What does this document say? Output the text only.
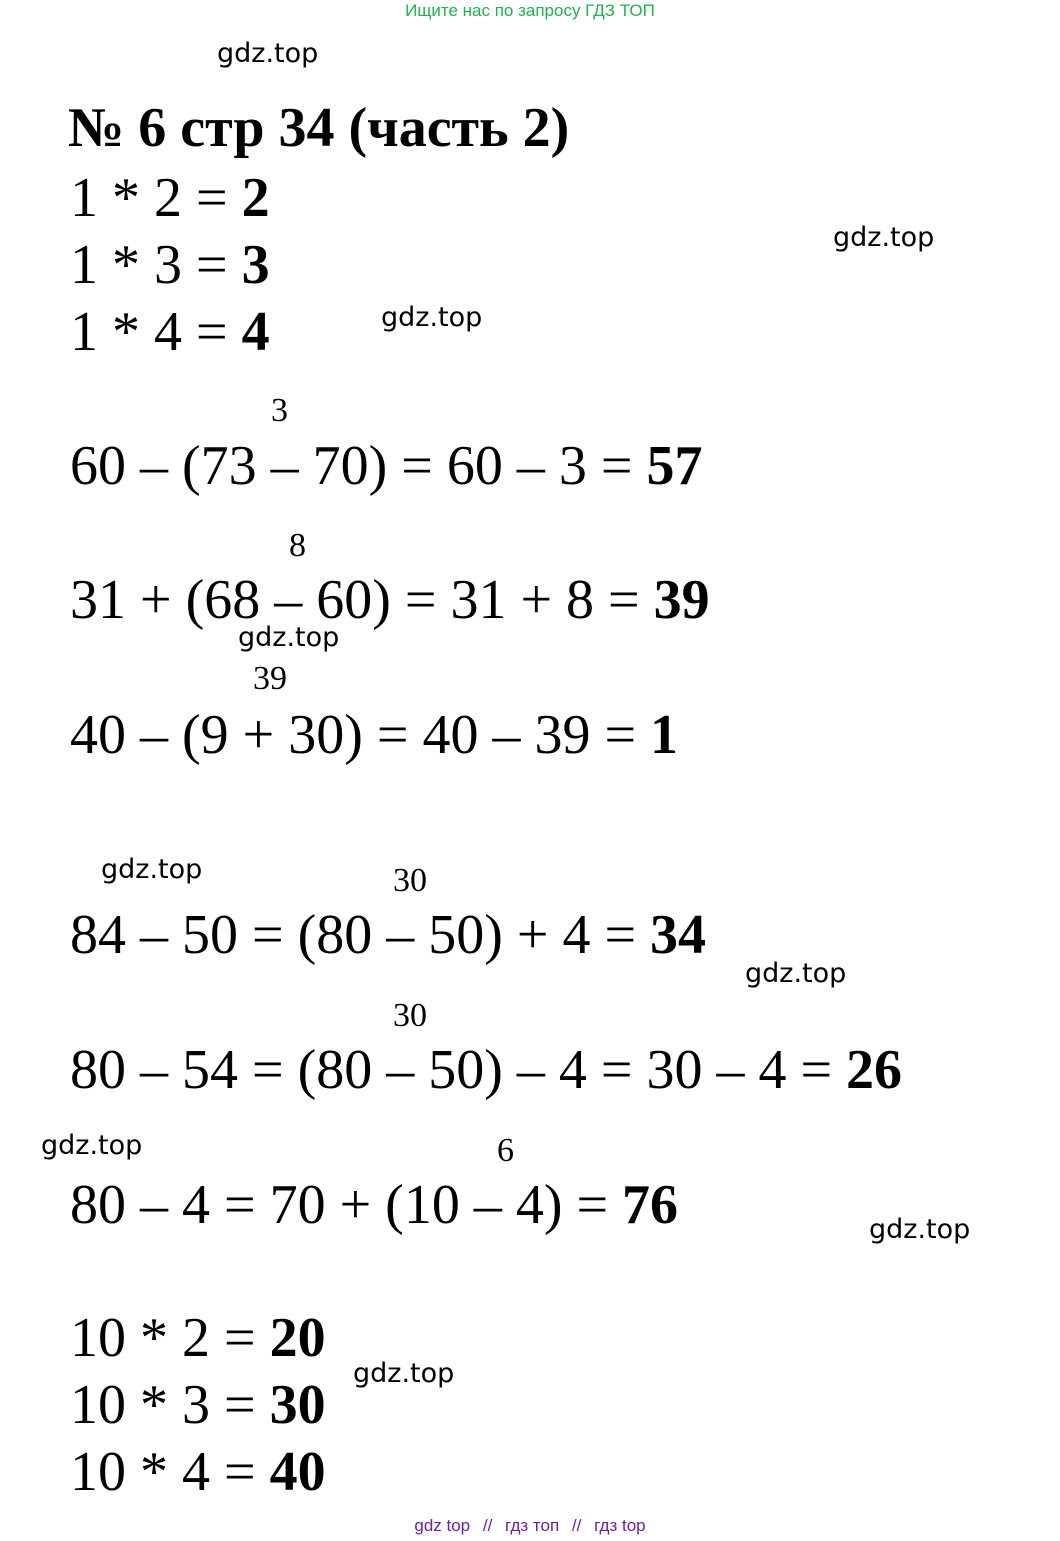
Ищите нас по запросу ГДЗ ТОП
gdz.top
gdz.top
gdz.top
gdz.top
gdz.top
gdz.top
gdz.top
gdz.top
gdz.top
№ 6 стр 34 (часть 2)
1 * 2 = 2
1 * 3 = 3
1 * 4 = 4
3
60 – (73 – 70) = 60 – 3 = 57
8
31 + (68 – 60) = 31 + 8 = 39
39
40 – (9 + 30) = 40 – 39 = 1
30
84 – 50 = (80 – 50) + 4 = 34
30
80 – 54 = (80 – 50) – 4 = 30 – 4 = 26
6
80 – 4 = 70 + (10 – 4) = 76
10 * 2 = 20
10 * 3 = 30
10 * 4 = 40
gdz top // гдз топ // гдз top
